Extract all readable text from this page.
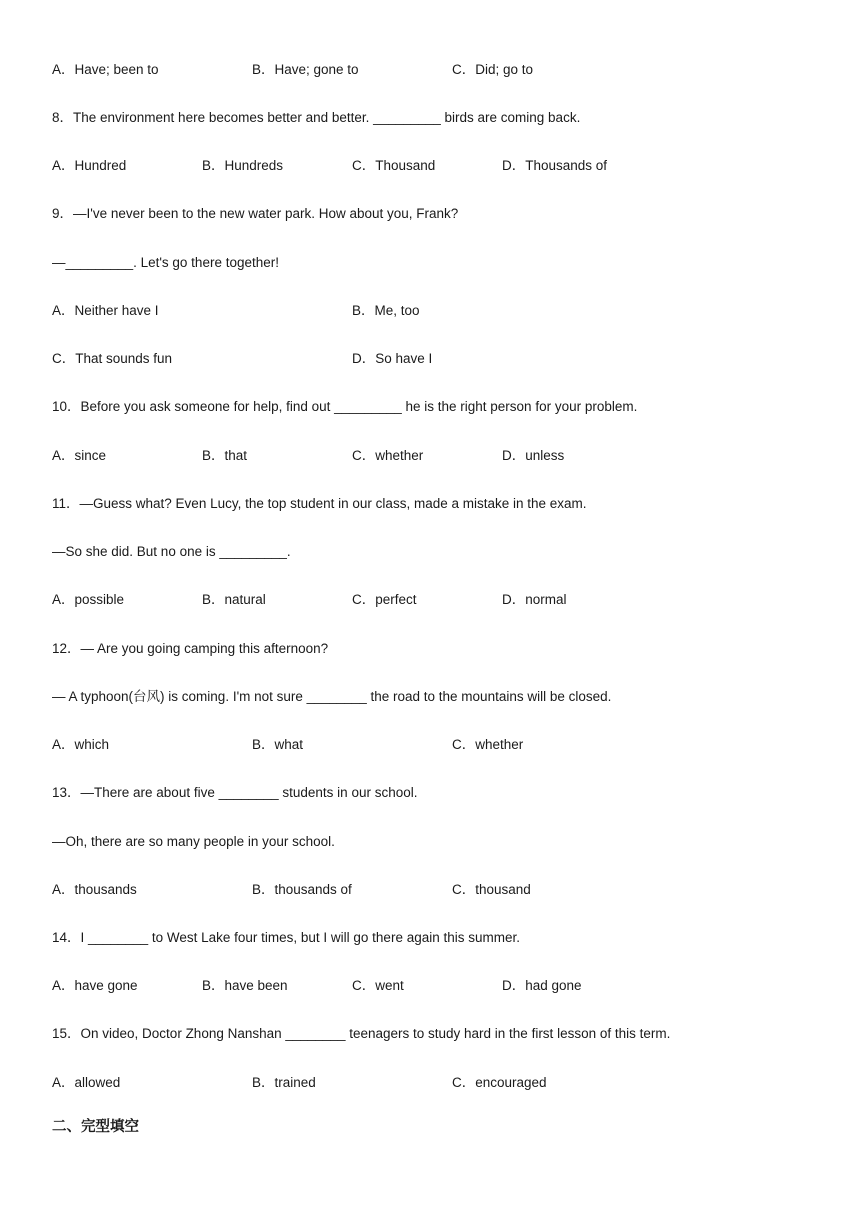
A．Have; been to	B．Have; gone to	C．Did; go to
8．The environment here becomes better and better. _________ birds are coming back.
A．Hundred	B．Hundreds	C．Thousand	D．Thousands of
9．—I've never been to the new water park. How about you, Frank?
—_________. Let's go there together!
A．Neither have I	B．Me, too
C．That sounds fun	D．So have I
10．Before you ask someone for help, find out _________ he is the right person for your problem.
A．since	B．that	C．whether	D．unless
11．—Guess what? Even Lucy, the top student in our class, made a mistake in the exam.
—So she did. But no one is _________.
A．possible	B．natural	C．perfect	D．normal
12．— Are you going camping this afternoon?
— A typhoon(台风) is coming. I'm not sure ________ the road to the mountains will be closed.
A．which	B．what	C．whether
13．—There are about five ________ students in our school.
—Oh, there are so many people in your school.
A．thousands	B．thousands of	C．thousand
14．I ________ to West Lake four times, but I will go there again this summer.
A．have gone	B．have been	C．went	D．had gone
15．On video, Doctor Zhong Nanshan ________ teenagers to study hard in the first lesson of this term.
A．allowed	B．trained	C．encouraged
二、完型填空
